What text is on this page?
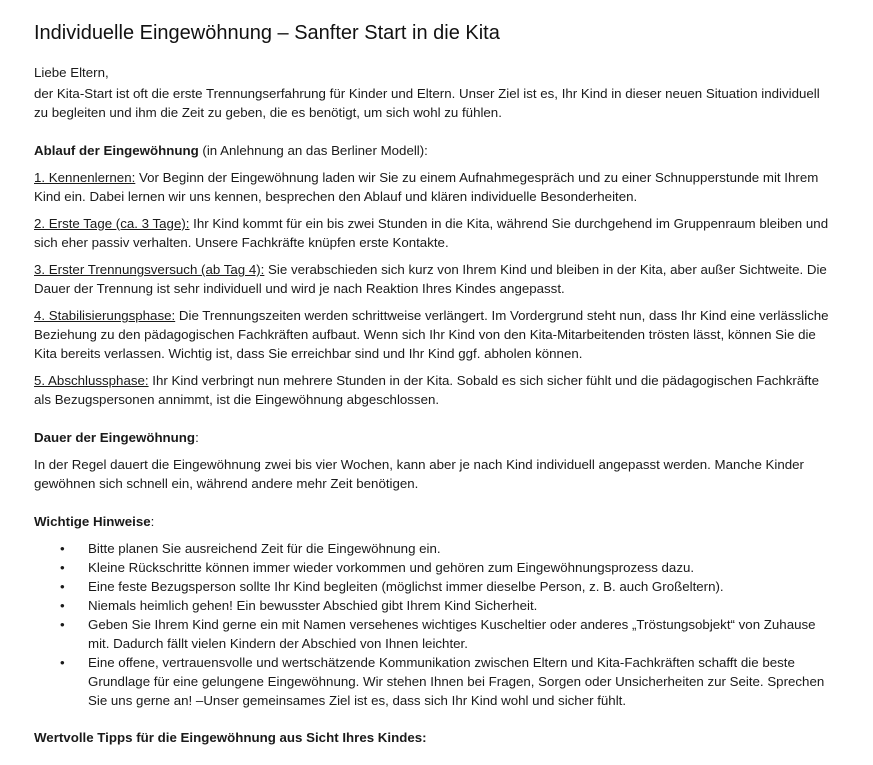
Individuelle Eingewöhnung – Sanfter Start in die Kita

Liebe Eltern,

der Kita-Start ist oft die erste Trennungserfahrung für Kinder und Eltern. Unser Ziel ist es, Ihr Kind in dieser neuen Situation individuell zu begleiten und ihm die Zeit zu geben, die es benötigt, um sich wohl zu fühlen.

Ablauf der Eingewöhnung (in Anlehnung an das Berliner Modell):

1. Kennenlernen: Vor Beginn der Eingewöhnung laden wir Sie zu einem Aufnahmegespräch und zu einer Schnupperstunde mit Ihrem Kind ein. Dabei lernen wir uns kennen, besprechen den Ablauf und klären individuelle Besonderheiten.

2. Erste Tage (ca. 3 Tage): Ihr Kind kommt für ein bis zwei Stunden in die Kita, während Sie durchgehend im Gruppenraum bleiben und sich eher passiv verhalten. Unsere Fachkräfte knüpfen erste Kontakte.

3. Erster Trennungsversuch (ab Tag 4): Sie verabschieden sich kurz von Ihrem Kind und bleiben in der Kita, aber außer Sichtweite. Die Dauer der Trennung ist sehr individuell und wird je nach Reaktion Ihres Kindes angepasst.

4. Stabilisierungsphase: Die Trennungszeiten werden schrittweise verlängert. Im Vordergrund steht nun, dass Ihr Kind eine verlässliche Beziehung zu den pädagogischen Fachkräften aufbaut. Wenn sich Ihr Kind von den Kita-Mitarbeitenden trösten lässt, können Sie die Kita bereits verlassen. Wichtig ist, dass Sie erreichbar sind und Ihr Kind ggf. abholen können.

5. Abschlussphase: Ihr Kind verbringt nun mehrere Stunden in der Kita. Sobald es sich sicher fühlt und die pädagogischen Fachkräfte als Bezugspersonen annimmt, ist die Eingewöhnung abgeschlossen.

Dauer der Eingewöhnung:

In der Regel dauert die Eingewöhnung zwei bis vier Wochen, kann aber je nach Kind individuell angepasst werden. Manche Kinder gewöhnen sich schnell ein, während andere mehr Zeit benötigen.

Wichtige Hinweise:

• Bitte planen Sie ausreichend Zeit für die Eingewöhnung ein.
• Kleine Rückschritte können immer wieder vorkommen und gehören zum Eingewöhnungsprozess dazu.
• Eine feste Bezugsperson sollte Ihr Kind begleiten (möglichst immer dieselbe Person, z. B. auch Großeltern).
• Niemals heimlich gehen! Ein bewusster Abschied gibt Ihrem Kind Sicherheit.
• Geben Sie Ihrem Kind gerne ein mit Namen versehenes wichtiges Kuscheltier oder anderes „Tröstungsobjekt“ von Zuhause mit. Dadurch fällt vielen Kindern der Abschied von Ihnen leichter.
• Eine offene, vertrauensvolle und wertschätzende Kommunikation zwischen Eltern und Kita-Fachkräften schafft die beste Grundlage für eine gelungene Eingewöhnung. Wir stehen Ihnen bei Fragen, Sorgen oder Unsicherheiten zur Seite. Sprechen Sie uns gerne an! –Unser gemeinsames Ziel ist es, dass sich Ihr Kind wohl und sicher fühlt.

Wertvolle Tipps für die Eingewöhnung aus Sicht Ihres Kindes:
